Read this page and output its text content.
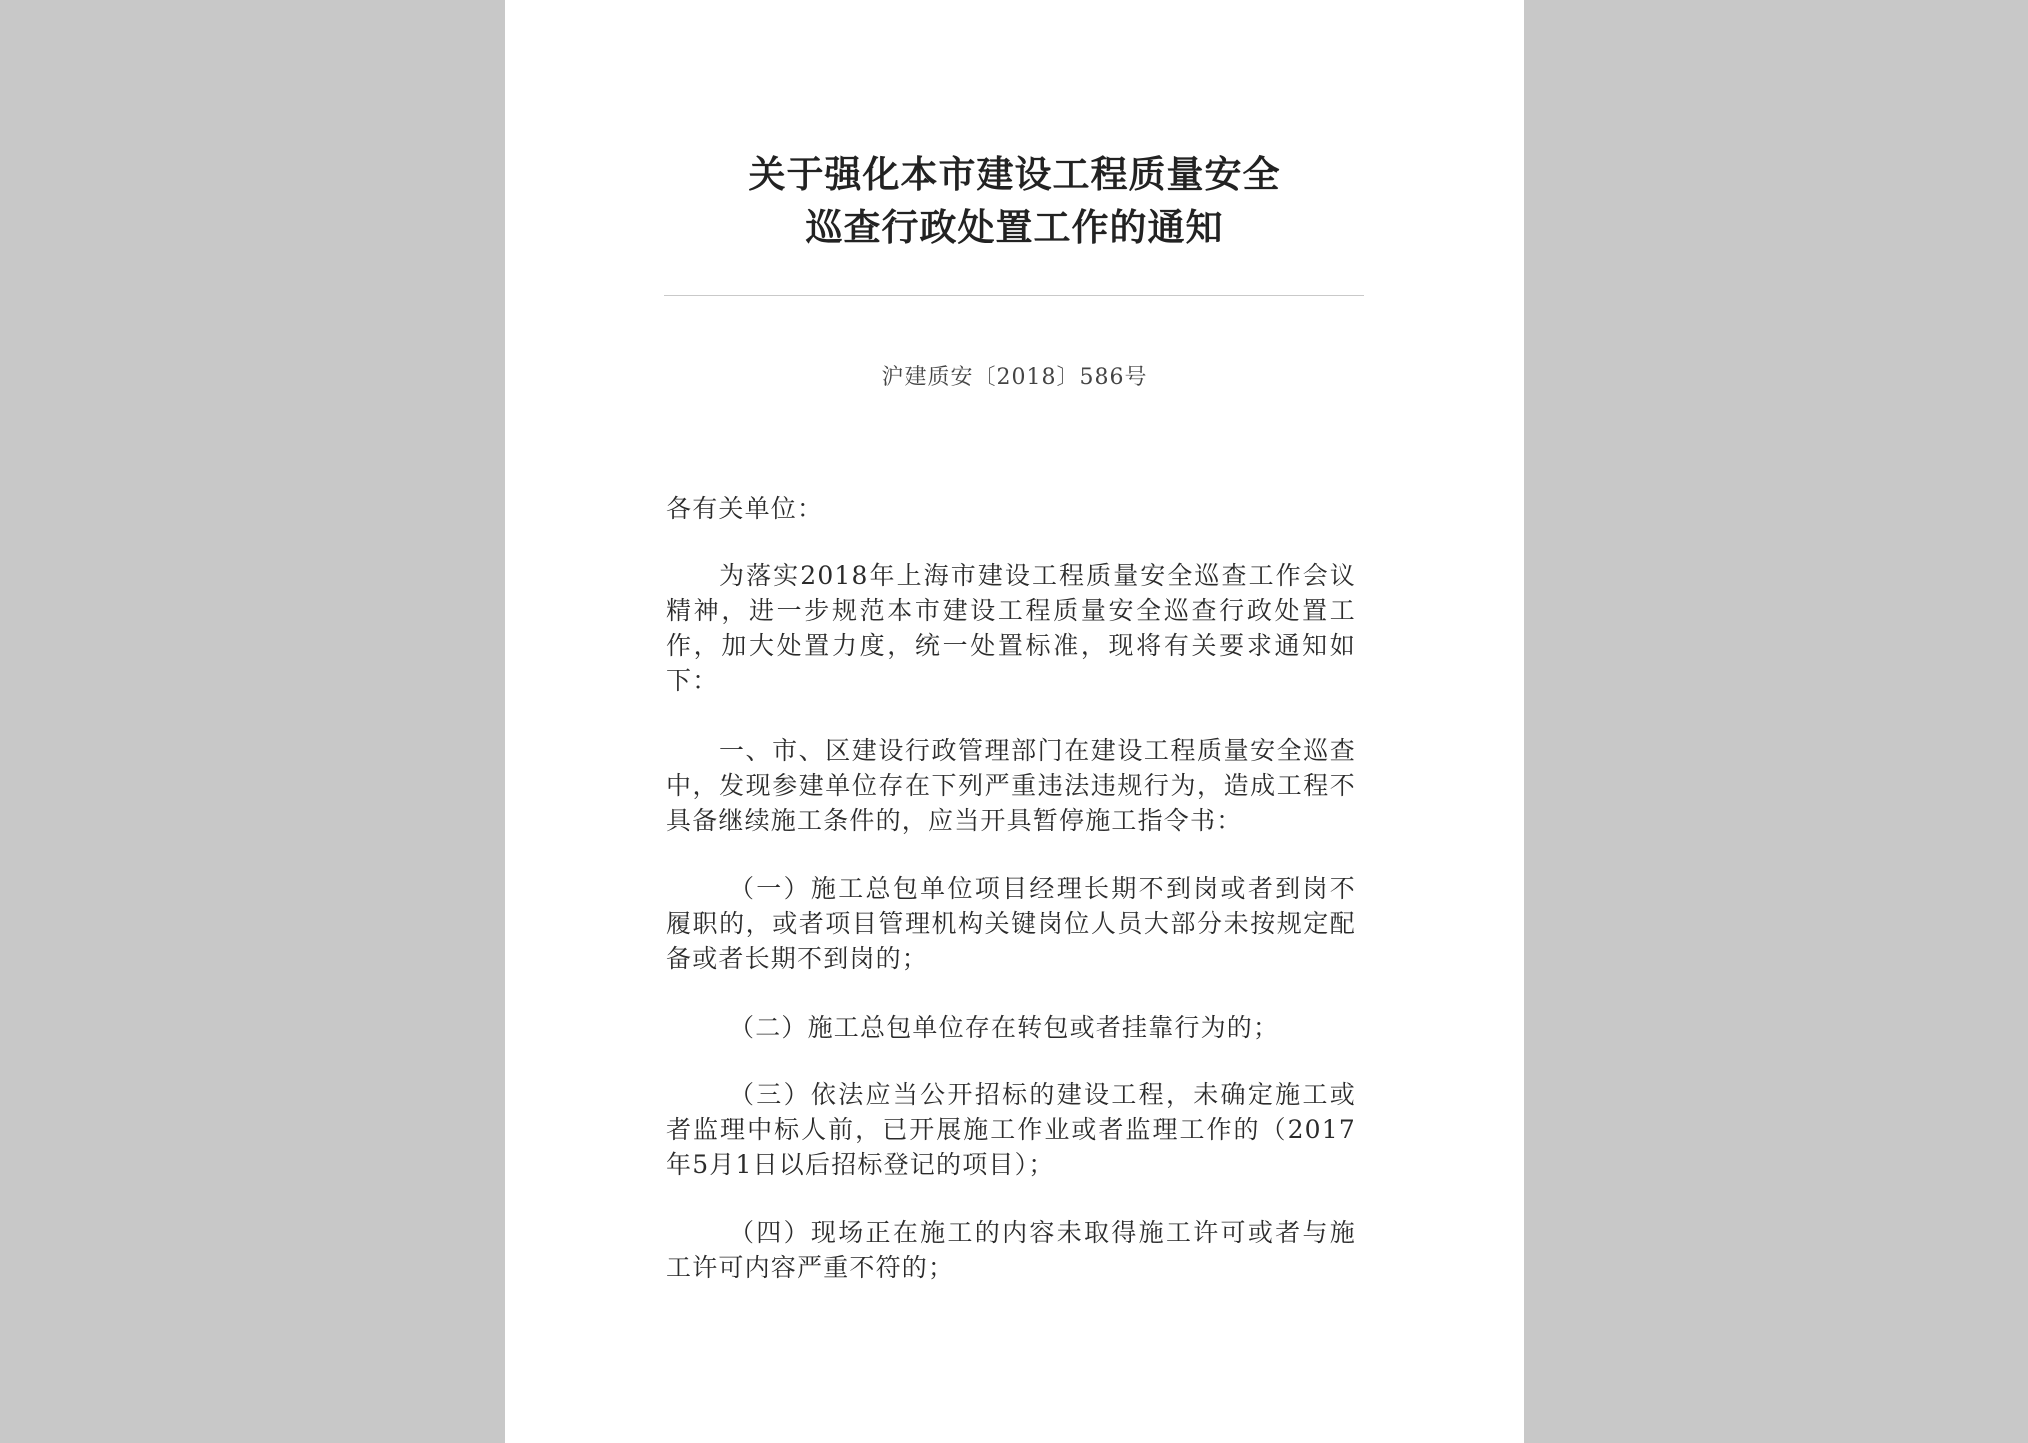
关于强化本市建设工程质量安全
巡查行政处置工作的通知
沪建质安〔2018〕586号
各有关单位：
为落实2018年上海市建设工程质量安全巡查工作会议精神，进一步规范本市建设工程质量安全巡查行政处置工作，加大处置力度，统一处置标准，现将有关要求通知如下：
一、市、区建设行政管理部门在建设工程质量安全巡查中，发现参建单位存在下列严重违法违规行为，造成工程不具备继续施工条件的，应当开具暂停施工指令书：
（一）施工总包单位项目经理长期不到岗或者到岗不履职的，或者项目管理机构关键岗位人员大部分未按规定配备或者长期不到岗的；
（二）施工总包单位存在转包或者挂靠行为的；
（三）依法应当公开招标的建设工程，未确定施工或者监理中标人前，已开展施工作业或者监理工作的（2017年5月1日以后招标登记的项目）；
（四）现场正在施工的内容未取得施工许可或者与施工许可内容严重不符的；
